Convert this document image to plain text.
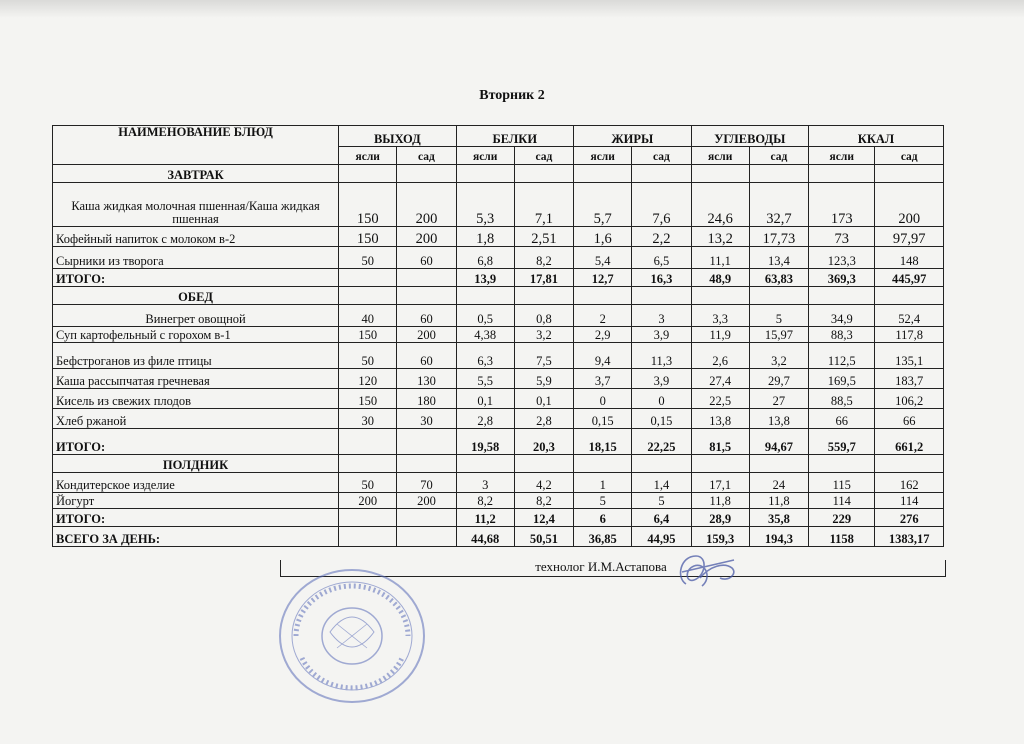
Вторник 2
НАИМЕНОВАНИЕ БЛЮД	ВЫХОД		БЕЛКИ		ЖИРЫ		УГЛЕВОДЫ		ККАЛ	
	ясли	сад	ясли	сад	ясли	сад	ясли	сад	ясли	сад
ЗАВТРАК										
Каша жидкая молочная пшенная/Каша жидкая пшенная	150	200	5,3	7,1	5,7	7,6	24,6	32,7	173	200
Кофейный напиток с молоком в-2	150	200	1,8	2,51	1,6	2,2	13,2	17,73	73	97,97
Сырники из творога	50	60	6,8	8,2	5,4	6,5	11,1	13,4	123,3	148
ИТОГО:			13,9	17,81	12,7	16,3	48,9	63,83	369,3	445,97
ОБЕД										
Винегрет овощной	40	60	0,5	0,8	2	3	3,3	5	34,9	52,4
Суп картофельный с горохом в-1	150	200	4,38	3,2	2,9	3,9	11,9	15,97	88,3	117,8
Бефстроганов из филе птицы	50	60	6,3	7,5	9,4	11,3	2,6	3,2	112,5	135,1
Каша рассыпчатая гречневая	120	130	5,5	5,9	3,7	3,9	27,4	29,7	169,5	183,7
Кисель из свежих плодов	150	180	0,1	0,1	0	0	22,5	27	88,5	106,2
Хлеб ржаной	30	30	2,8	2,8	0,15	0,15	13,8	13,8	66	66
ИТОГО:			19,58	20,3	18,15	22,25	81,5	94,67	559,7	661,2
ПОЛДНИК										
Кондитерское изделие	50	70	3	4,2	1	1,4	17,1	24	115	162
Йогурт	200	200	8,2	8,2	5	5	11,8	11,8	114	114
ИТОГО:			11,2	12,4	6	6,4	28,9	35,8	229	276
ВСЕГО ЗА ДЕНЬ:			44,68	50,51	36,85	44,95	159,3	194,3	1158	1383,17
технолог И.М.Астапова
